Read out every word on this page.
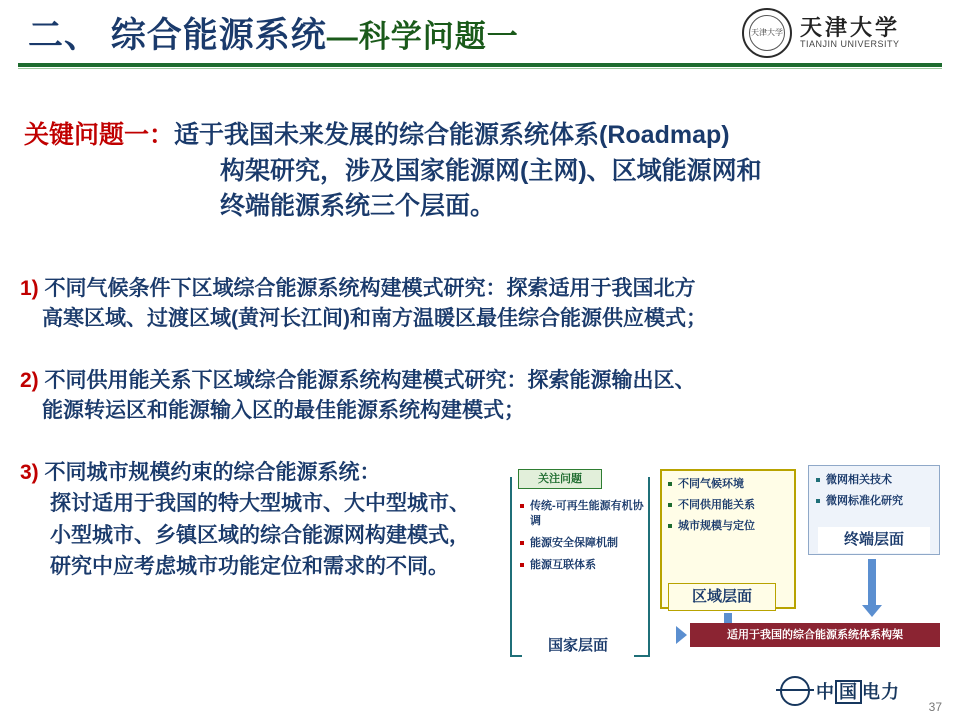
二、 综合能源系统—科学问题一	天津大学 天津大学
TIANJIN UNIVERSITY
关键问题一：适于我国未来发展的综合能源系统体系(Roadmap)
构架研究，涉及国家能源网(主网)、区域能源网和
终端能源系统三个层面。
1) 不同气候条件下区域综合能源系统构建模式研究：探索适用于我国北方
高寒区域、过渡区域(黄河长江间)和南方温暖区最佳综合能源供应模式；
2) 不同供用能关系下区域综合能源系统构建模式研究：探索能源输出区、
能源转运区和能源输入区的最佳能源系统构建模式；
3) 不同城市规模约束的综合能源系统：
探讨适用于我国的特大型城市、大中型城市、小型城市、乡镇区域的综合能源网构建模式，研究中应考虑城市功能定位和需求的不同。
关注问题
传统-可再生能源有机协调
能源安全保障机制
能源互联体系
国家层面
不同气候环境
不同供用能关系
城市规模与定位
区域层面
微网相关技术
微网标准化研究
终端层面
适用于我国的综合能源系统体系构架
中 国 电力
37
